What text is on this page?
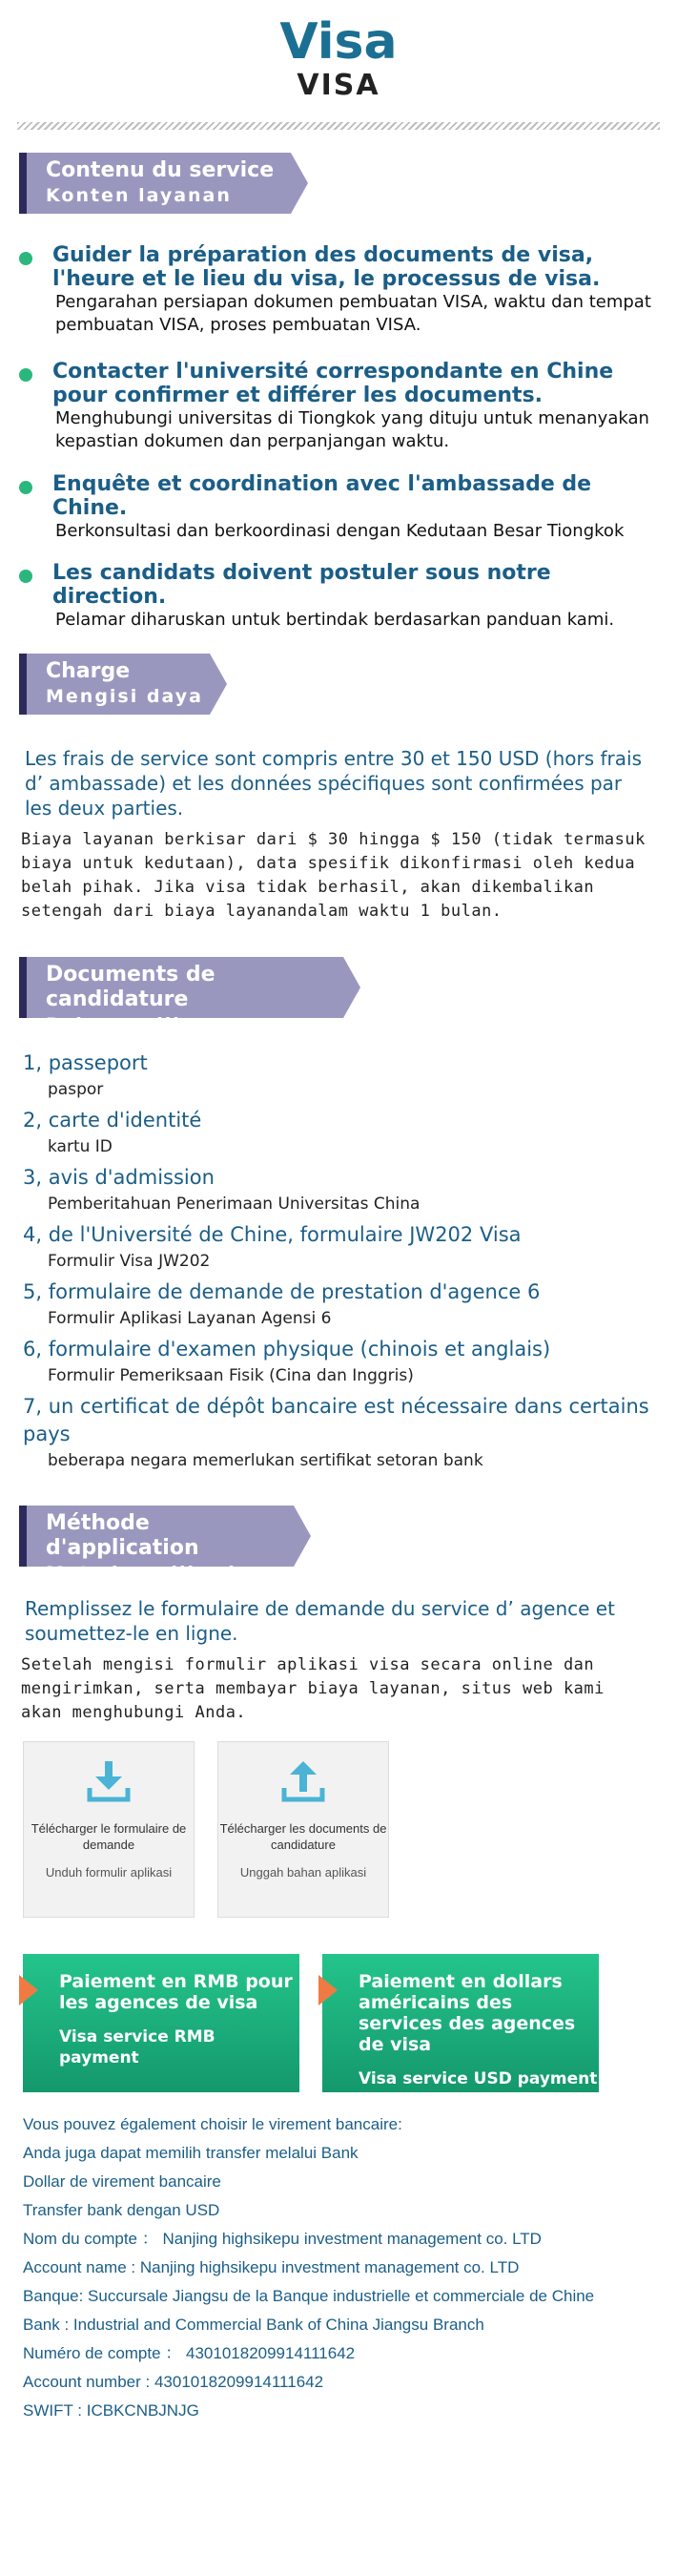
Visa
VISA
Contenu du service
Konten layanan
Guider la préparation des documents de visa, l'heure et le lieu du visa, le processus de visa.
Pengarahan persiapan dokumen pembuatan VISA, waktu dan tempat pembuatan VISA, proses pembuatan VISA.
Contacter l'université correspondante en Chine pour confirmer et différer les documents.
Menghubungi universitas di Tiongkok yang dituju untuk menanyakan kepastian dokumen dan perpanjangan waktu.
Enquête et coordination avec l'ambassade de Chine.
Berkonsultasi dan berkoordinasi dengan Kedutaan Besar Tiongkok
Les candidats doivent postuler sous notre direction.
Pelamar diharuskan untuk bertindak berdasarkan panduan kami.
Charge
Mengisi daya
Les frais de service sont compris entre 30 et 150 USD (hors frais d’ ambassade) et les données spécifiques sont confirmées par les deux parties.
Biaya layanan berkisar dari $ 30 hingga $ 150 (tidak termasuk biaya untuk kedutaan), data spesifik dikonfirmasi oleh kedua belah pihak. Jika visa tidak berhasil, akan dikembalikan setengah dari biaya layanandalam waktu 1 bulan.
Documents de candidature
Bahan aplikas
1, passeport
paspor
2, carte d'identité
kartu ID
3, avis d'admission
Pemberitahuan Penerimaan Universitas China
4, de l'Université de Chine, formulaire JW202 Visa
Formulir Visa JW202
5, formulaire de demande de prestation d'agence 6
Formulir Aplikasi Layanan Agensi 6
6, formulaire d'examen physique (chinois et anglais)
Formulir Pemeriksaan Fisik (Cina dan Inggris)
7, un certificat de dépôt bancaire est nécessaire dans certains pays
beberapa negara memerlukan sertifikat setoran bank
Méthode d'application
Metode aplikasi
Remplissez le formulaire de demande du service d’ agence et soumettez-le en ligne.
Setelah mengisi formulir aplikasi visa secara online dan mengirimkan, serta membayar biaya layanan, situs web kami akan menghubungi Anda.
Télécharger le formulaire de demande
Unduh formulir aplikasi
Télécharger les documents de candidature
Unggah bahan aplikasi
Paiement en RMB pour les agences de visa
Visa service RMB payment
Paiement en dollars américains des services des agences de visa
Visa service USD payment
Vous pouvez également choisir le virement bancaire:
Anda juga dapat memilih transfer melalui Bank
Dollar de virement bancaire
Transfer bank dengan USD
Nom du compte ： Nanjing highsikepu investment management co. LTD
Account name : Nanjing highsikepu investment management co. LTD
Banque: Succursale Jiangsu de la Banque industrielle et commerciale de Chine
Bank : Industrial and Commercial Bank of China Jiangsu Branch
Numéro de compte ： 4301018209914111642
Account number : 4301018209914111642
SWIFT : ICBKCNBJNJG
